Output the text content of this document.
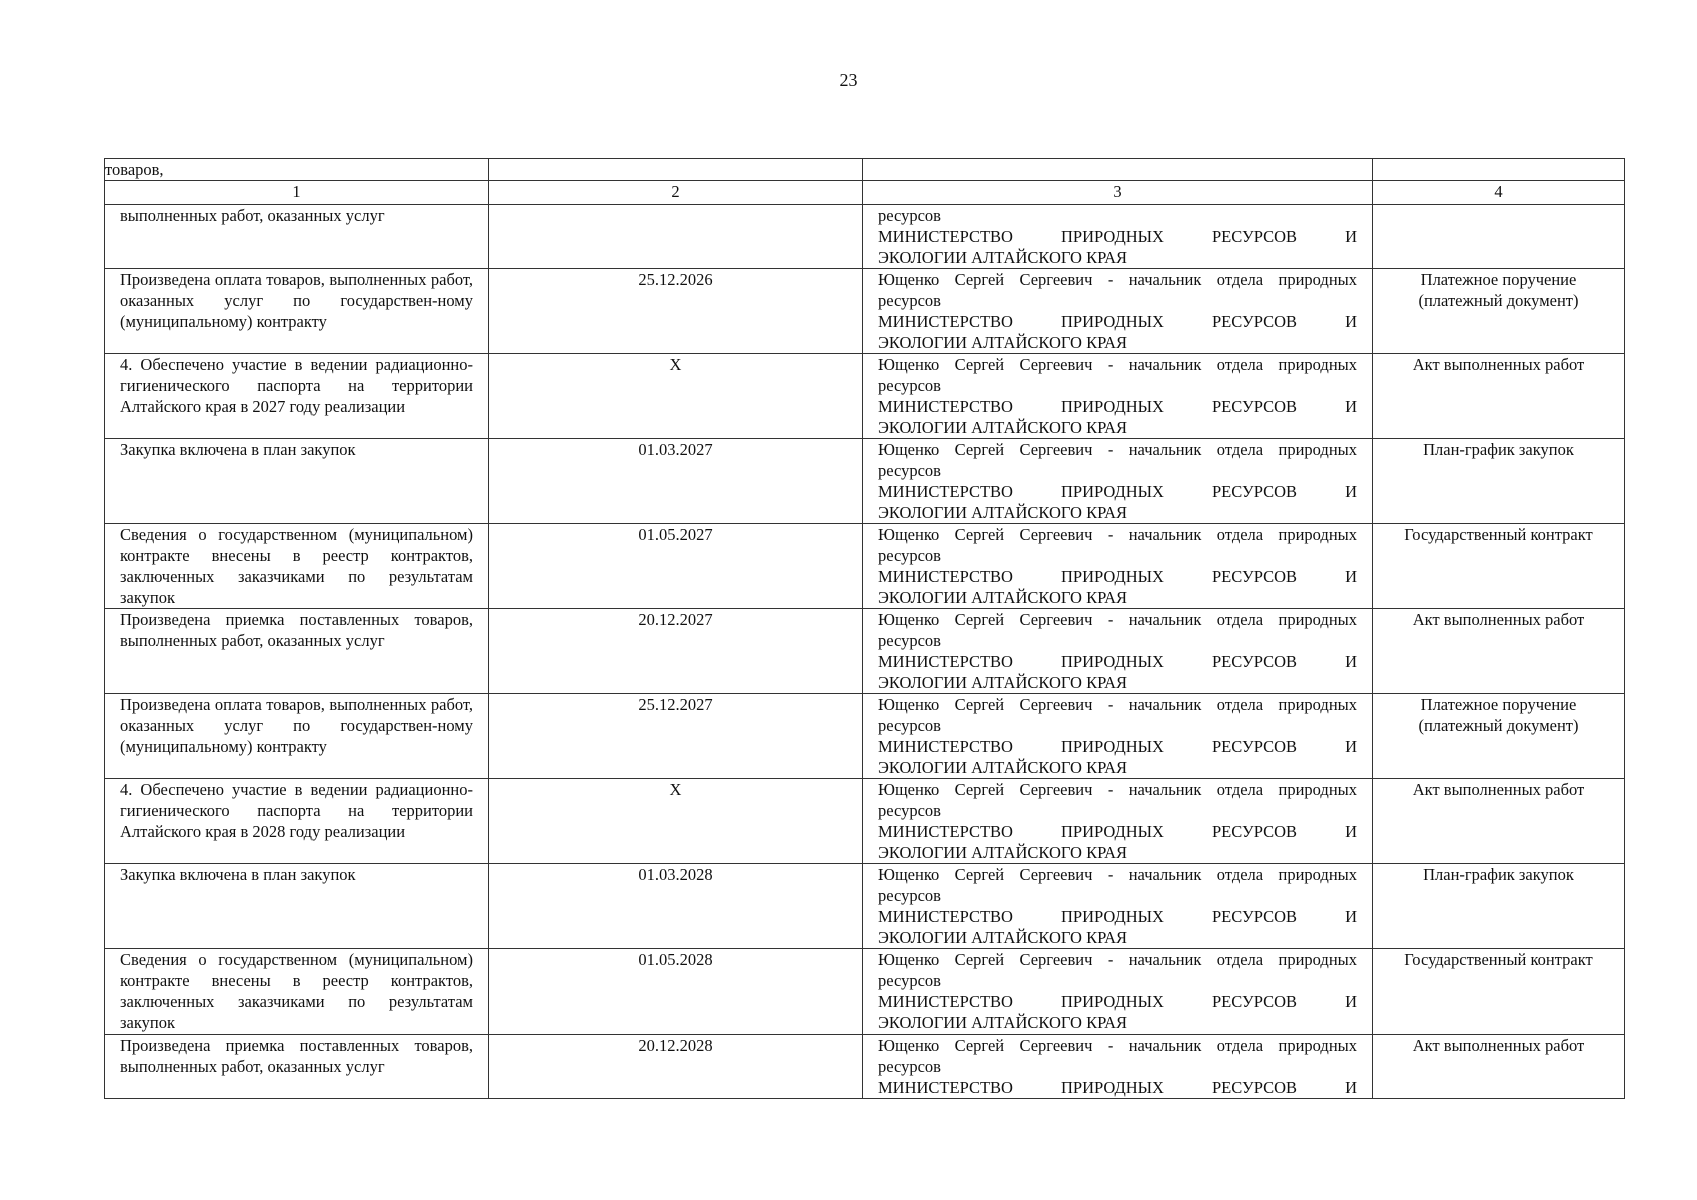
23
товаров,			
1	2	3	4
выполненных работ, оказанных услуг		ресурсов
МИНИСТЕРСТВО ПРИРОДНЫХ РЕСУРСОВ И
ЭКОЛОГИИ АЛТАЙСКОГО КРАЯ	

Произведена оплата товаров, выполненных работ, оказанных услуг по государствен-ному (муниципальному) контракту	25.12.2026	Ющенко Сергей Сергеевич - начальник отдела природных
ресурсов
МИНИСТЕРСТВО ПРИРОДНЫХ РЕСУРСОВ И
ЭКОЛОГИИ АЛТАЙСКОГО КРАЯ	Платежное поручение (платежный документ)
4. Обеспечено участие в ведении радиационно-гигиенического паспорта на территории Алтайского края в 2027 году реализации	X	Ющенко Сергей Сергеевич - начальник отдела природных
ресурсов
МИНИСТЕРСТВО ПРИРОДНЫХ РЕСУРСОВ И
ЭКОЛОГИИ АЛТАЙСКОГО КРАЯ	Акт выполненных работ
Закупка включена в план закупок	01.03.2027	Ющенко Сергей Сергеевич - начальник отдела природных
ресурсов
МИНИСТЕРСТВО ПРИРОДНЫХ РЕСУРСОВ И
ЭКОЛОГИИ АЛТАЙСКОГО КРАЯ	План-график закупок
Сведения о государственном (муниципальном) контракте внесены в реестр контрактов, заключенных заказчиками по результатам закупок	01.05.2027	Ющенко Сергей Сергеевич - начальник отдела природных
ресурсов
МИНИСТЕРСТВО ПРИРОДНЫХ РЕСУРСОВ И
ЭКОЛОГИИ АЛТАЙСКОГО КРАЯ	Государственный контракт
Произведена приемка поставленных товаров, выполненных работ, оказанных услуг	20.12.2027	Ющенко Сергей Сергеевич - начальник отдела природных
ресурсов
МИНИСТЕРСТВО ПРИРОДНЫХ РЕСУРСОВ И
ЭКОЛОГИИ АЛТАЙСКОГО КРАЯ	Акт выполненных работ
Произведена оплата товаров, выполненных работ, оказанных услуг по государствен-ному (муниципальному) контракту	25.12.2027	Ющенко Сергей Сергеевич - начальник отдела природных
ресурсов
МИНИСТЕРСТВО ПРИРОДНЫХ РЕСУРСОВ И
ЭКОЛОГИИ АЛТАЙСКОГО КРАЯ	Платежное поручение (платежный документ)
4. Обеспечено участие в ведении радиационно-гигиенического паспорта на территории Алтайского края в 2028 году реализации	X	Ющенко Сергей Сергеевич - начальник отдела природных
ресурсов
МИНИСТЕРСТВО ПРИРОДНЫХ РЕСУРСОВ И
ЭКОЛОГИИ АЛТАЙСКОГО КРАЯ	Акт выполненных работ
Закупка включена в план закупок	01.03.2028	Ющенко Сергей Сергеевич - начальник отдела природных
ресурсов
МИНИСТЕРСТВО ПРИРОДНЫХ РЕСУРСОВ И
ЭКОЛОГИИ АЛТАЙСКОГО КРАЯ	План-график закупок
Сведения о государственном (муниципальном) контракте внесены в реестр контрактов, заключенных заказчиками по результатам закупок	01.05.2028	Ющенко Сергей Сергеевич - начальник отдела природных
ресурсов
МИНИСТЕРСТВО ПРИРОДНЫХ РЕСУРСОВ И
ЭКОЛОГИИ АЛТАЙСКОГО КРАЯ	Государственный контракт
Произведена приемка поставленных товаров, выполненных работ, оказанных услуг	20.12.2028	Ющенко Сергей Сергеевич - начальник отдела природных
ресурсов
МИНИСТЕРСТВО ПРИРОДНЫХ РЕСУРСОВ И	Акт выполненных работ
